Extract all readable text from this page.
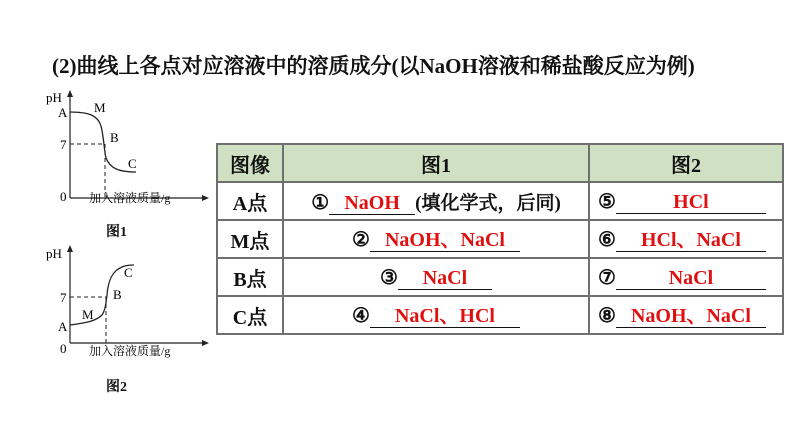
(2)曲线上各点对应溶液中的溶质成分(以NaOH溶液和稀盐酸反应为例)
pH
A M
B
C
7
0 加入溶液质量/g
图1
pH
A
M
B
C
7
0 加入溶液质量/g
图2
图像	图1	图2
A点	① NaOH (填化学式，后同)	⑤ HCl
M点	② NaOH、NaCl	⑥ HCl、NaCl
B点	③ NaCl	⑦ NaCl
C点	④ NaCl、HCl	⑧ NaOH、NaCl
